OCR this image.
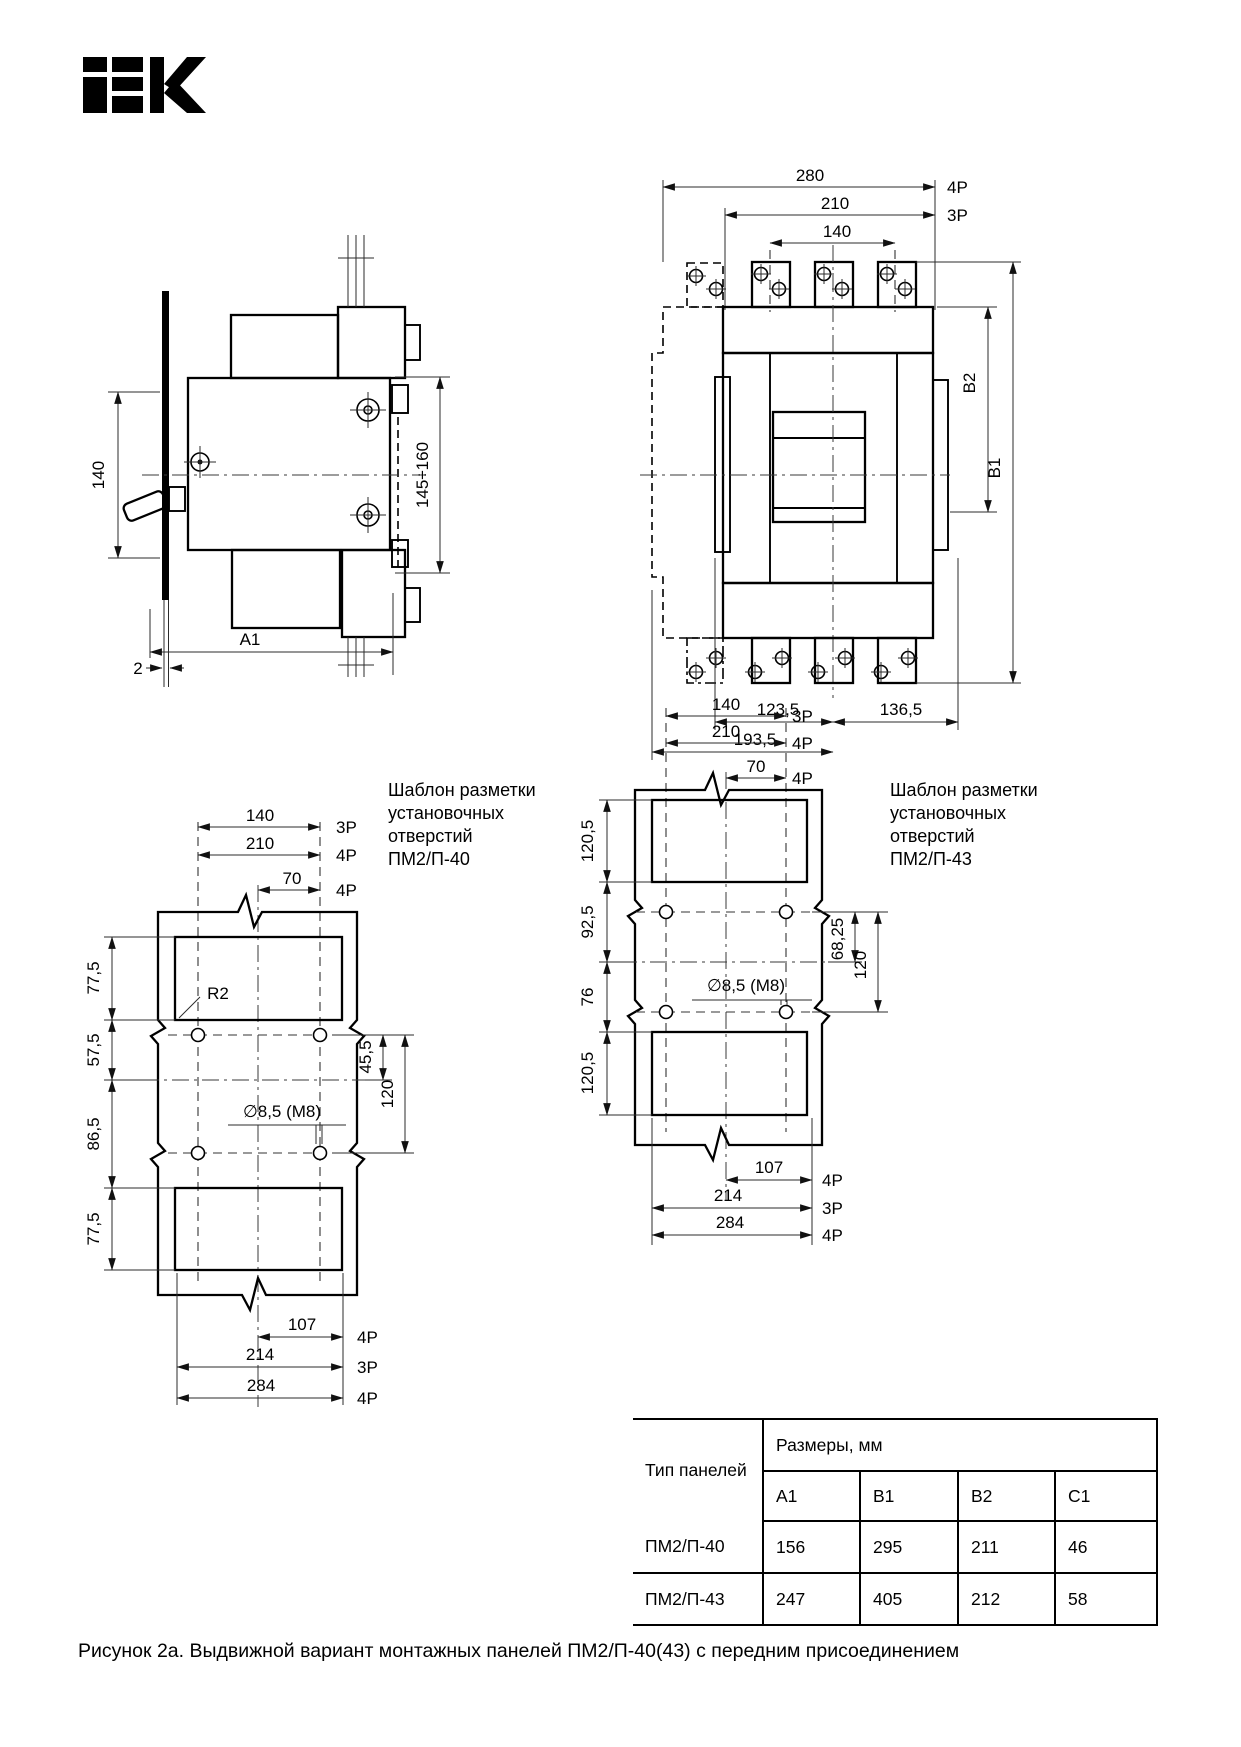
140	145÷160
A1
2
280
210
140
4P
3P
B2
B1
123,5	136,5
193,5
140
210
70
3P
4P
4P
R2
∅8,5 (M8)
77,5
57,5
86,5
77,5
45,5
120
107
214
284
4P
3P
4P
140
210
70
3P
4P
4P
∅8,5 (M8)
120,5
92,5
76
120,5
68,25
120
107
214
284
4P
3P
4P
Шаблон разметки
установочных
отверстий
ПМ2/П-40
Шаблон разметки
установочных
отверстий
ПМ2/П-43
Тип панелей	Размеры, мм			
	A1	B1	B2	C1
ПМ2/П-40	156	295	211	46
ПМ2/П-43	247	405	212	58
Рисунок 2а. Выдвижной вариант монтажных панелей ПМ2/П-40(43) с передним присоединением
